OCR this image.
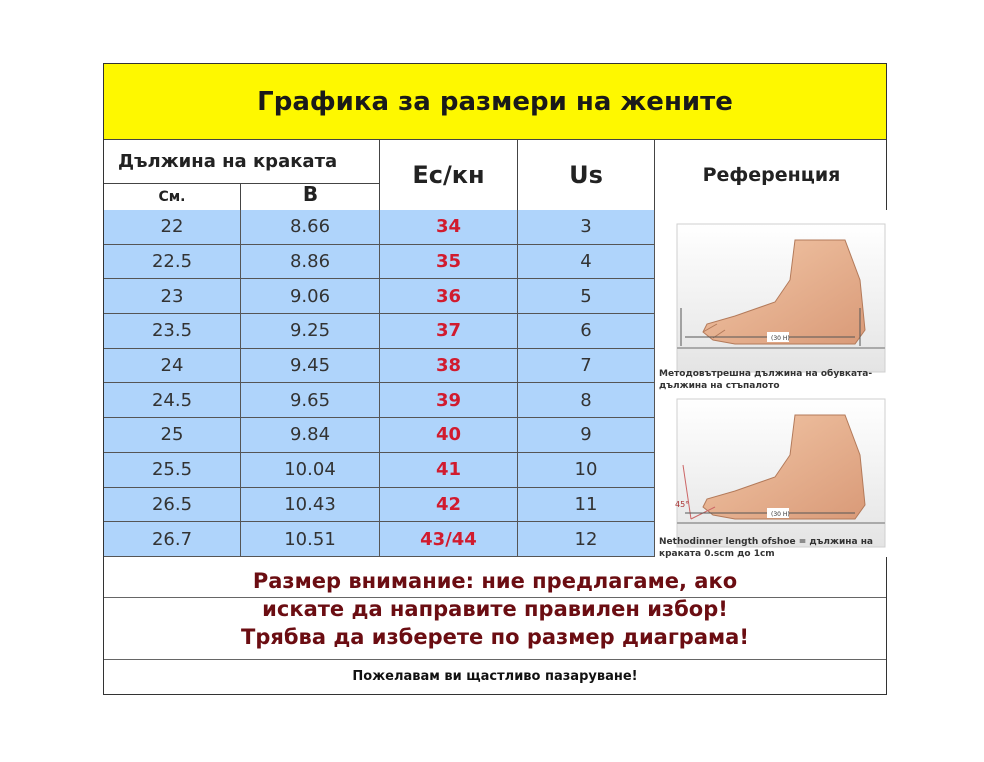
Графика за размери на жените
Дължина на краката
См.	B
Ес/кн	Us	Референция
22	8.66	34	3
22.5	8.86	35	4
23	9.06	36	5
23.5	9.25	37	6
24	9.45	38	7
24.5	9.65	39	8
25	9.84	40	9
25.5	10.04	41	10
26.5	10.43	42	11
26.7	10.51	43/44	12
(30 H)
Методовътрешна дължина на обувката-дължина на стъпалото
45°
(30 H)
Nethodinner length ofshoe = дължина на краката 0.scm до 1cm
Размер внимание: ние предлагаме, ако
искате да направите правилен избор!
Трябва да изберете по размер диаграма!
Пожелавам ви щастливо пазаруване!
